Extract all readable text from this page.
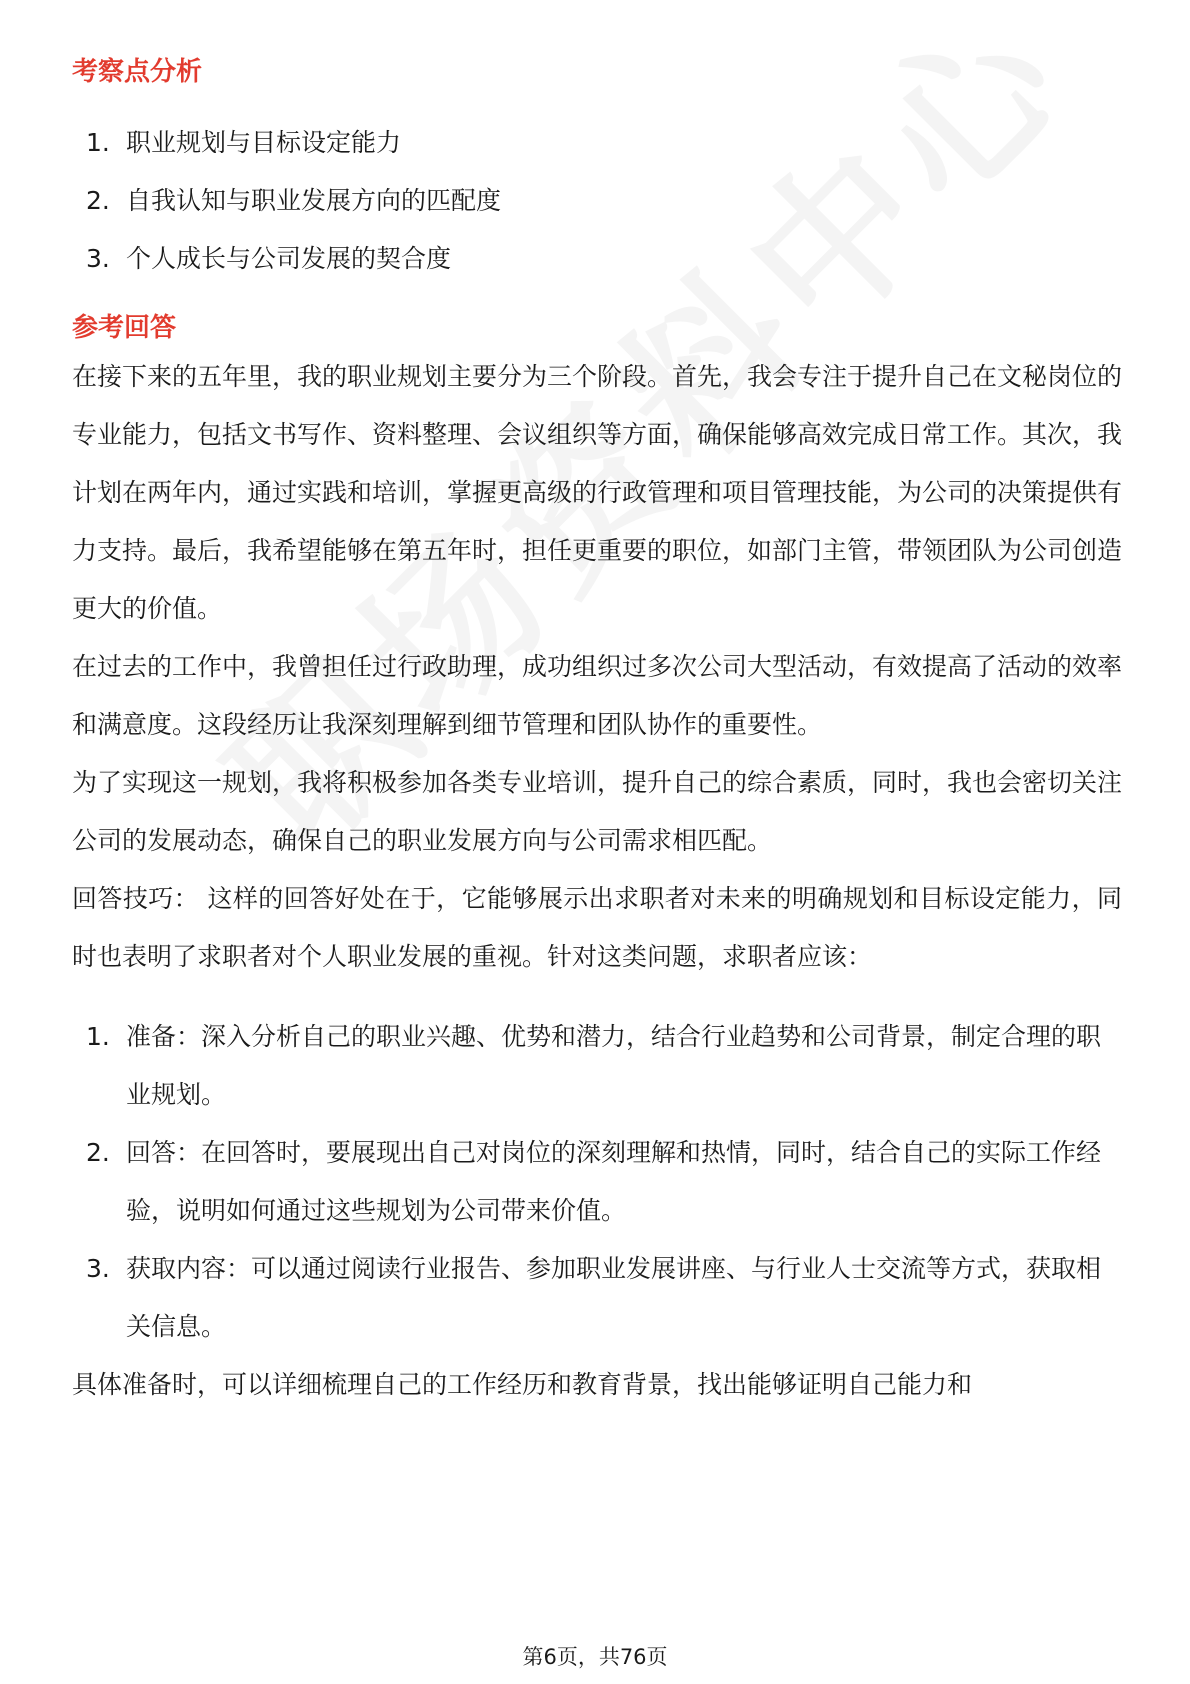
考察点分析
1. 职业规划与目标设定能力
2. 自我认知与职业发展方向的匹配度
3. 个人成长与公司发展的契合度
参考回答

在接下来的五年里，我的职业规划主要分为三个阶段。首先，我会专注于提升自己在文秘岗位的专业能力，包括文书写作、资料整理、会议组织等方面，确保能够高效完成日常工作。其次，我计划在两年内，通过实践和培训，掌握更高级的行政管理和项目管理技能，为公司的决策提供有力支持。最后，我希望能够在第五年时，担任更重要的职位，如部门主管，带领团队为公司创造更大的价值。

在过去的工作中，我曾担任过行政助理，成功组织过多次公司大型活动，有效提高了活动的效率和满意度。这段经历让我深刻理解到细节管理和团队协作的重要性。

为了实现这一规划，我将积极参加各类专业培训，提升自己的综合素质，同时，我也会密切关注公司的发展动态，确保自己的职业发展方向与公司需求相匹配。

回答技巧： 这样的回答好处在于，它能够展示出求职者对未来的明确规划和目标设定能力，同时也表明了求职者对个人职业发展的重视。针对这类问题，求职者应该：

1. 准备：深入分析自己的职业兴趣、优势和潜力，结合行业趋势和公司背景，制定合理的职业规划。
2. 回答：在回答时，要展现出自己对岗位的深刻理解和热情，同时，结合自己的实际工作经验，说明如何通过这些规划为公司带来价值。
3. 获取内容：可以通过阅读行业报告、参加职业发展讲座、与行业人士交流等方式，获取相关信息。

具体准备时，可以详细梳理自己的工作经历和教育背景，找出能够证明自己能力和

第6页，共76页
